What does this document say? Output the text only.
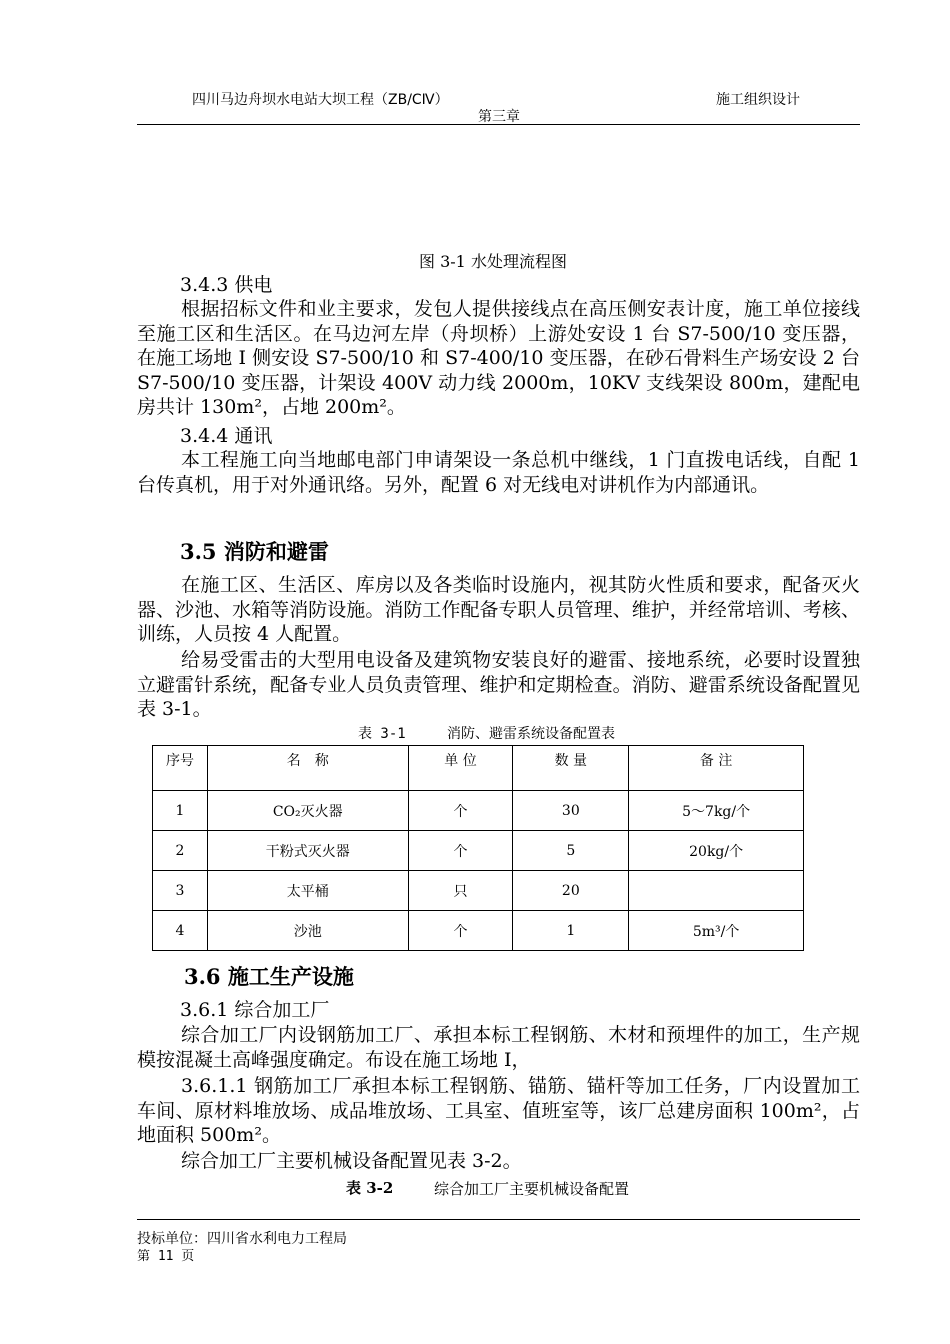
四川马边舟坝水电站大坝工程（ZB/CⅣ）	施工组织设计
第三章
图 3-1 水处理流程图
3.4.3 供电
根据招标文件和业主要求，发包人提供接线点在高压侧安表计度，施工单位接线至施工区和生活区。在马边河左岸（舟坝桥）上游处安设 1 台 S7-500/10 变压器，在施工场地 I 侧安设 S7-500/10 和 S7-400/10 变压器，在砂石骨料生产场安设 2 台 S7-500/10 变压器，计架设 400V 动力线 2000m，10KV 支线架设 800m，建配电房共计 130m²，占地 200m²。
3.4.4 通讯
本工程施工向当地邮电部门申请架设一条总机中继线，1 门直拨电话线，自配 1 台传真机，用于对外通讯络。另外，配置 6 对无线电对讲机作为内部通讯。
3.5 消防和避雷
在施工区、生活区、库房以及各类临时设施内，视其防火性质和要求，配备灭火器、沙池、水箱等消防设施。消防工作配备专职人员管理、维护，并经常培训、考核、训练，人员按 4 人配置。
给易受雷击的大型用电设备及建筑物安装良好的避雷、接地系统，必要时设置独立避雷针系统，配备专业人员负责管理、维护和定期检查。消防、避雷系统设备配置见表 3-1。
表 3-1	消防、避雷系统设备配置表
序号	名　称	单 位	数 量	备 注
1	CO₂灭火器	个	30	5～7kg/个
2	干粉式灭火器	个	5	20kg/个
3	太平桶	只	20	
4	沙池	个	1	5m³/个
3.6 施工生产设施
3.6.1 综合加工厂
综合加工厂内设钢筋加工厂、承担本标工程钢筋、木材和预埋件的加工，生产规模按混凝土高峰强度确定。布设在施工场地 I，
3.6.1.1 钢筋加工厂承担本标工程钢筋、锚筋、锚杆等加工任务，厂内设置加工车间、原材料堆放场、成品堆放场、工具室、值班室等，该厂总建房面积 100m²，占地面积 500m²。
综合加工厂主要机械设备配置见表 3-2。
表 3-2	综合加工厂主要机械设备配置
投标单位：四川省水利电力工程局
第 11 页
